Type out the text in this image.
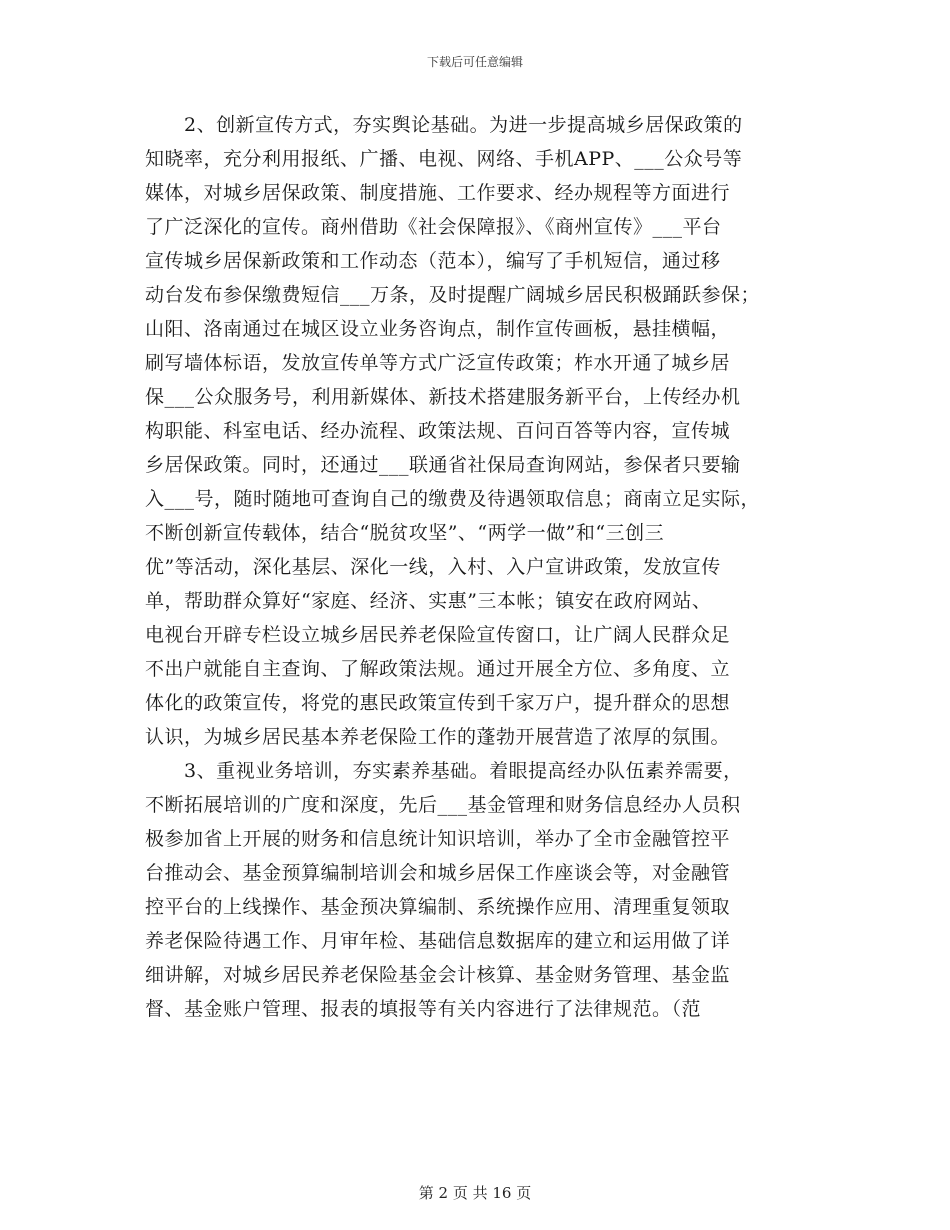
下载后可任意编辑
　　2、创新宣传方式，夯实舆论基础。为进一步提高城乡居保政策的
知晓率，充分利用报纸、广播、电视、网络、手机APP、___公众号等
媒体，对城乡居保政策、制度措施、工作要求、经办规程等方面进行
了广泛深化的宣传。商州借助《社会保障报》、《商州宣传》___平台
宣传城乡居保新政策和工作动态（范本），编写了手机短信，通过移
动台发布参保缴费短信___万条，及时提醒广阔城乡居民积极踊跃参保；
山阳、洛南通过在城区设立业务咨询点，制作宣传画板，悬挂横幅，
刷写墙体标语，发放宣传单等方式广泛宣传政策；柞水开通了城乡居
保___公众服务号，利用新媒体、新技术搭建服务新平台，上传经办机
构职能、科室电话、经办流程、政策法规、百问百答等内容，宣传城
乡居保政策。同时，还通过___联通省社保局查询网站，参保者只要输
入___号，随时随地可查询自己的缴费及待遇领取信息；商南立足实际，
不断创新宣传载体，结合“脱贫攻坚”、“两学一做”和“三创三
优”等活动，深化基层、深化一线，入村、入户宣讲政策，发放宣传
单，帮助群众算好“家庭、经济、实惠”三本帐；镇安在政府网站、
电视台开辟专栏设立城乡居民养老保险宣传窗口，让广阔人民群众足
不出户就能自主查询、了解政策法规。通过开展全方位、多角度、立
体化的政策宣传，将党的惠民政策宣传到千家万户，提升群众的思想
认识，为城乡居民基本养老保险工作的蓬勃开展营造了浓厚的氛围。
　　3、重视业务培训，夯实素养基础。着眼提高经办队伍素养需要，
不断拓展培训的广度和深度，先后___基金管理和财务信息经办人员积
极参加省上开展的财务和信息统计知识培训，举办了全市金融管控平
台推动会、基金预算编制培训会和城乡居保工作座谈会等，对金融管
控平台的上线操作、基金预决算编制、系统操作应用、清理重复领取
养老保险待遇工作、月审年检、基础信息数据库的建立和运用做了详
细讲解，对城乡居民养老保险基金会计核算、基金财务管理、基金监
督、基金账户管理、报表的填报等有关内容进行了法律规范。（范
第 2 页 共 16 页
